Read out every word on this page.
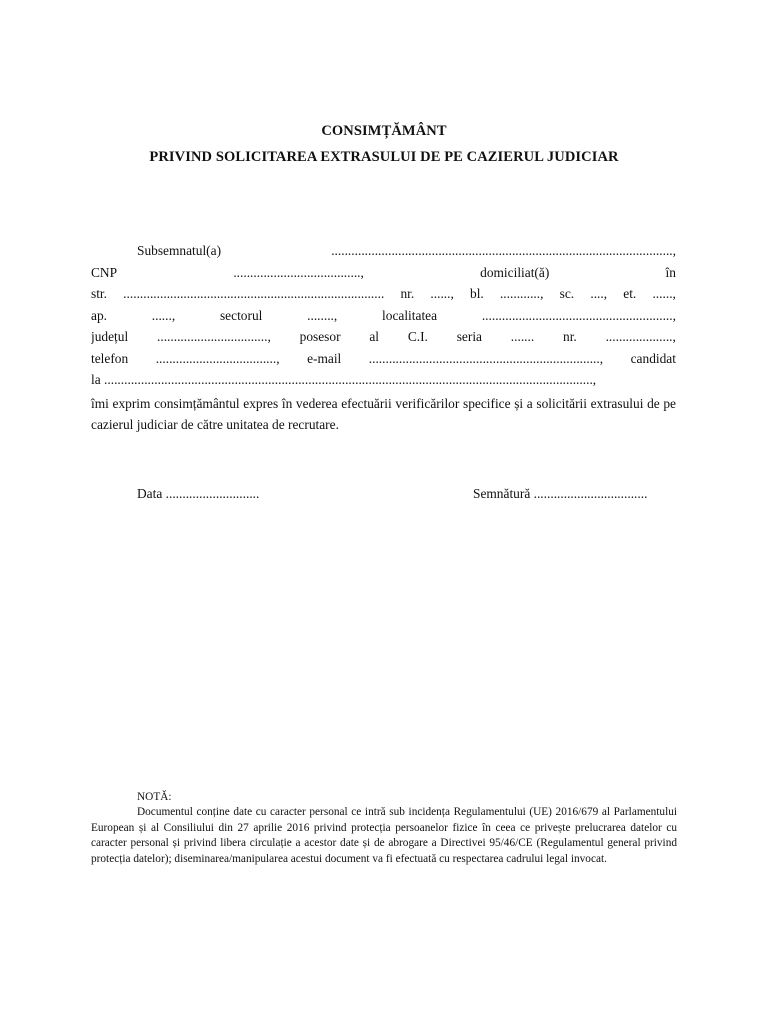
CONSIMȚĂMÂNT
PRIVIND SOLICITAREA EXTRASULUI DE PE CAZIERUL JUDICIAR
Subsemnatul(a)	......................................................................................................,
CNP	......................................,	domiciliat(ă)	în
str. .............................................................................. nr. ......, bl. ............, sc. ...., et. ......,
ap.	......,	sectorul	........,	localitatea	.........................................................,
județul ................................., posesor al C.I. seria ....... nr. ....................,
telefon ...................................., e-mail ....................................................................., candidat
la ..................................................................................................................................................,
îmi exprim consimțământul expres în vederea efectuării verificărilor specifice și a solicitării extrasului de pe cazierul judiciar de către unitatea de recrutare.
Data ............................	Semnătură ..................................
NOTĂ:
Documentul conține date cu caracter personal ce intră sub incidența Regulamentului (UE) 2016/679 al Parlamentului European și al Consiliului din 27 aprilie 2016 privind protecția persoanelor fizice în ceea ce privește prelucrarea datelor cu caracter personal și privind libera circulație a acestor date și de abrogare a Directivei 95/46/CE (Regulamentul general privind protecția datelor); diseminarea/manipularea acestui document va fi efectuată cu respectarea cadrului legal invocat.
